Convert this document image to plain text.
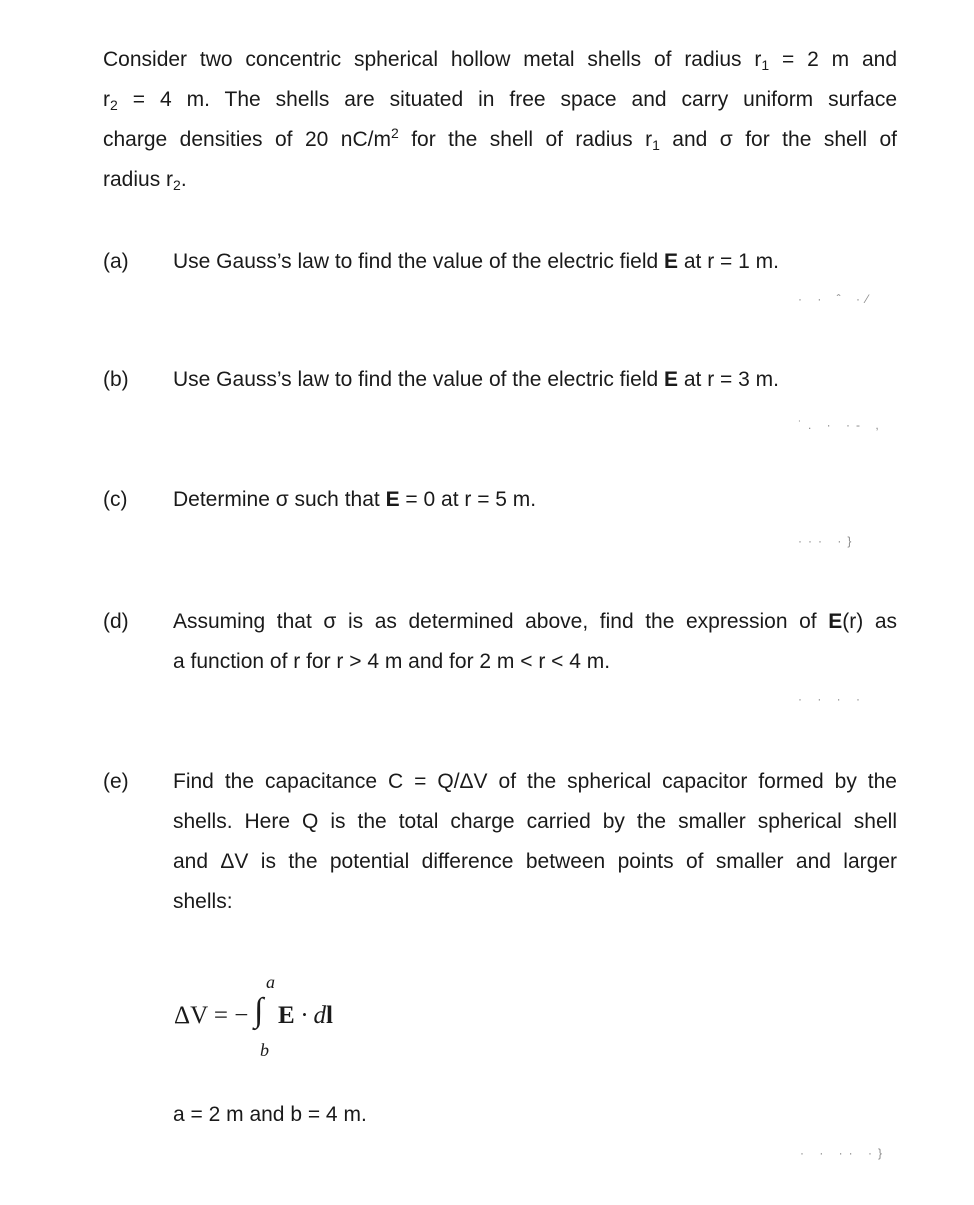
Consider two concentric spherical hollow metal shells of radius $r_1 = 2$ m and
$r_2 = 4$ m. The shells are situated in free space and carry uniform surface
charge densities of 20 $nC/m^2$ for the shell of radius $r_1$ and σ for the shell of
radius $r_2$.
(a) Use Gauss’s law to find the value of the electric field E at r = 1 m.
· · ˆ ·⁄
(b) Use Gauss’s law to find the value of the electric field E at r = 3 m.
˙. · ·- ,
(c) Determine σ such that E = 0 at r = 5 m.
··· ·}
(d) Assuming that σ is as determined above, find the expression of E(r) as
a function of r for r > 4 m and for 2 m < r < 4 m.
· · · ·
(e) Find the capacitance C = Q/ΔV of the spherical capacitor formed by the
shells. Here Q is the total charge carried by the smaller spherical shell
and ΔV is the potential difference between points of smaller and larger
shells:
ΔV = −
a
∫
b
E · dl
a = 2 m and b = 4 m.
· · ·· ·}
